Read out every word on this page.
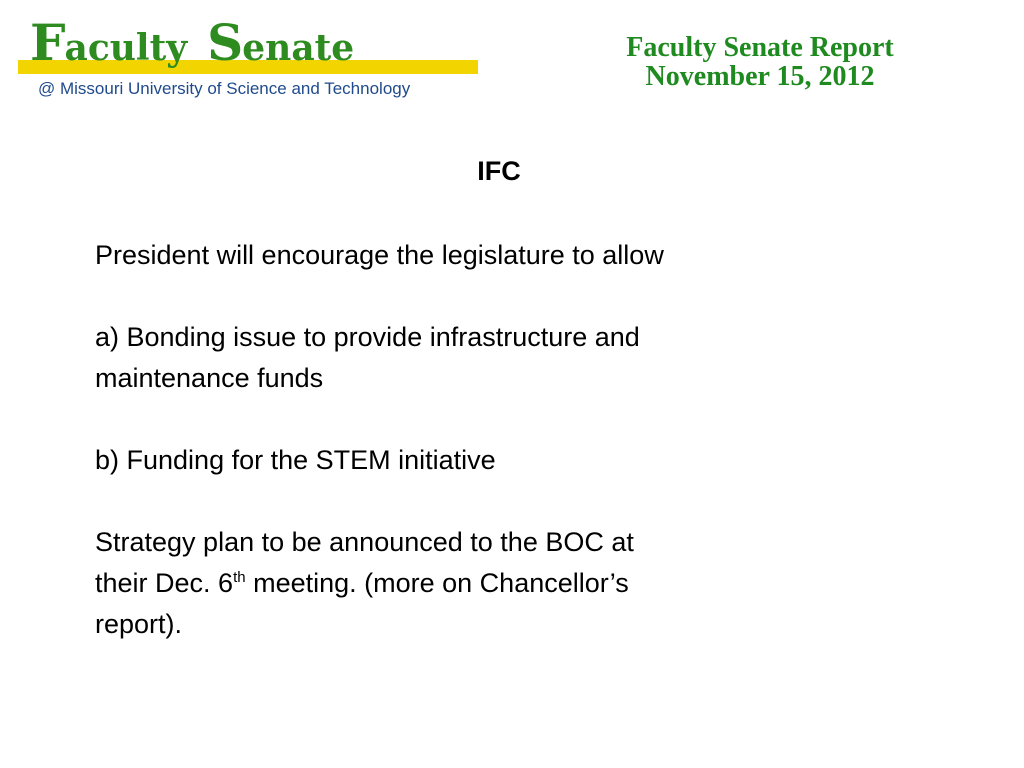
Faculty Senate
@ Missouri University of Science and Technology
Faculty Senate Report
November 15, 2012
IFC

President will encourage the legislature to allow

a) Bonding issue to provide infrastructure and
maintenance funds

b) Funding for the STEM initiative

Strategy plan to be announced to the BOC at
their Dec. 6th meeting. (more on Chancellor’s
report).
